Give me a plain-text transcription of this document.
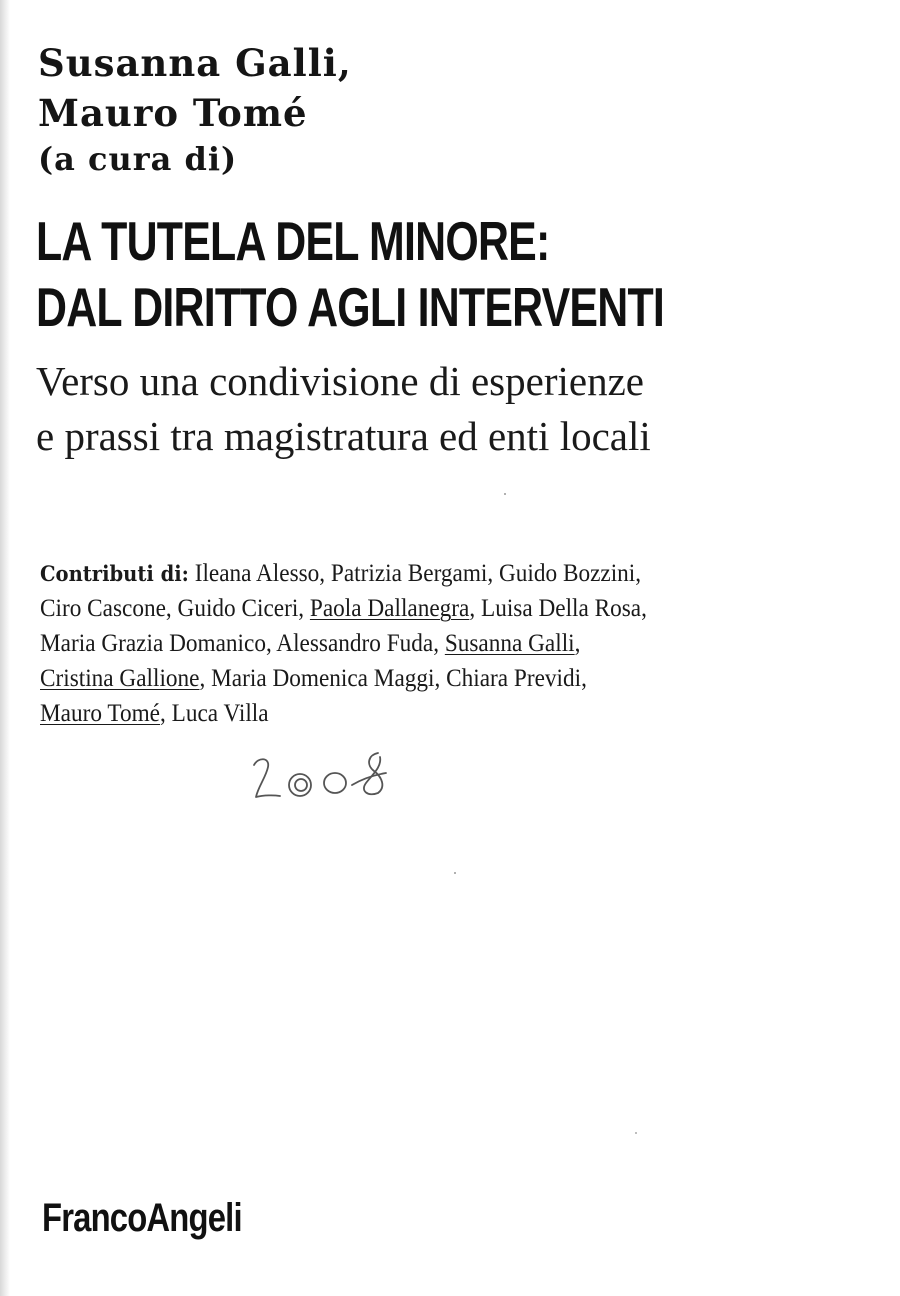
Susanna Galli,
Mauro Tomé
(a cura di)
LA TUTELA DEL MINORE:
DAL DIRITTO AGLI INTERVENTI
Verso una condivisione di esperienze
e prassi tra magistratura ed enti locali
Contributi di: Ileana Alesso, Patrizia Bergami, Guido Bozzini,
Ciro Cascone, Guido Ciceri, Paola Dallanegra, Luisa Della Rosa,
Maria Grazia Domanico, Alessandro Fuda, Susanna Galli,
Cristina Gallione, Maria Domenica Maggi, Chiara Previdi,
Mauro Tomé, Luca Villa
FrancoAngeli
